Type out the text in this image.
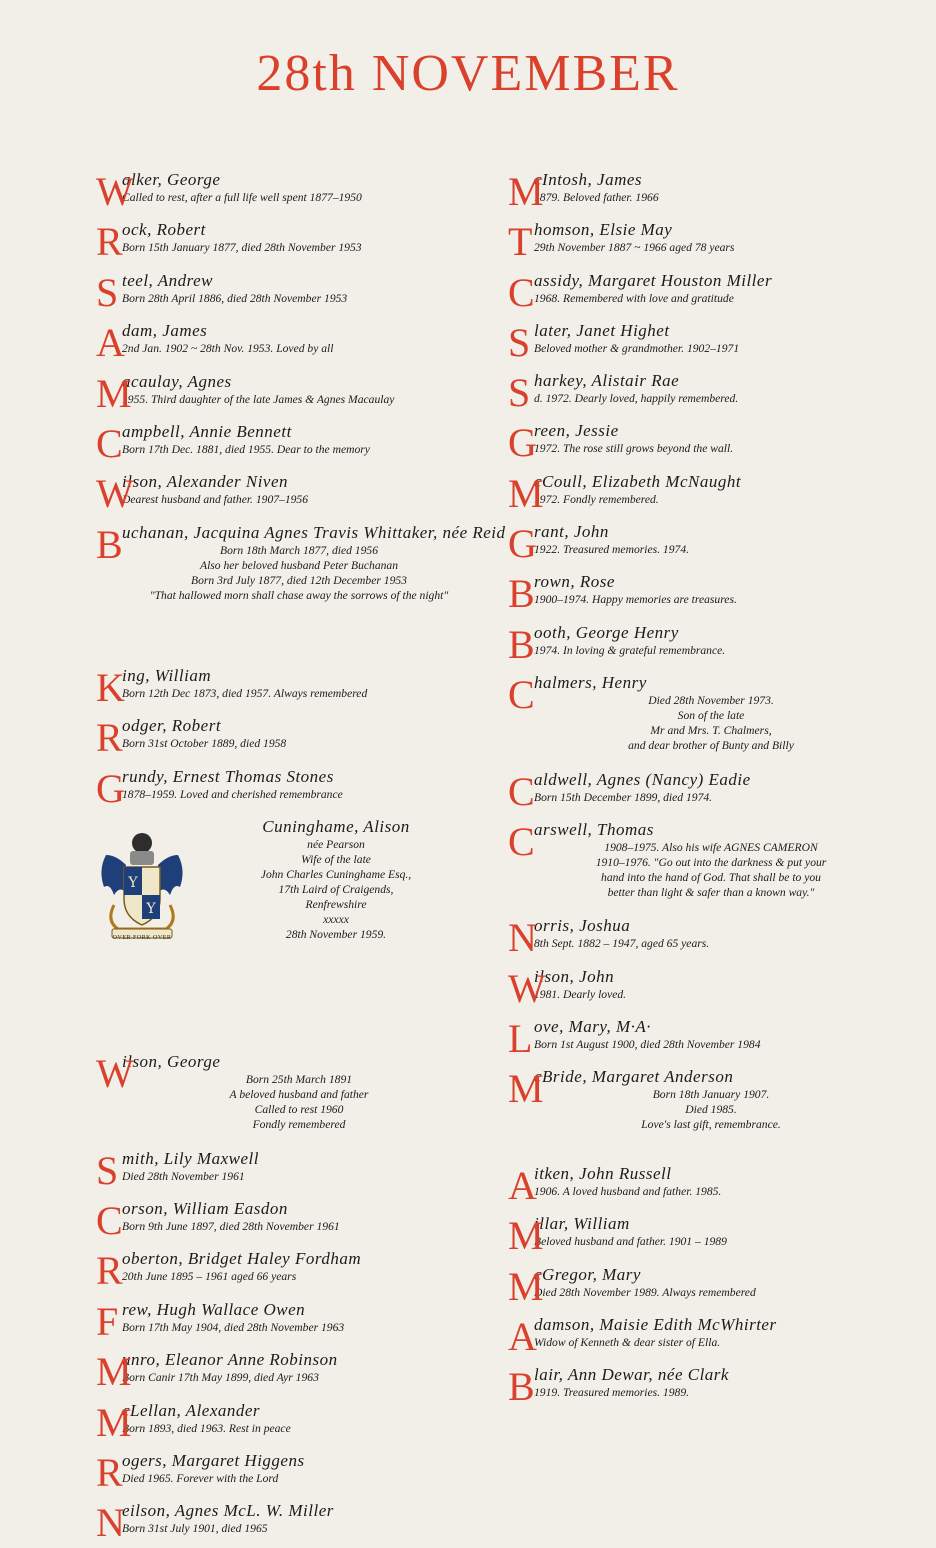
28th NOVEMBER
W
alker, George
Called to rest, after a full life well spent 1877–1950
R ock, Robert
Born 15th January 1877, died 28th November 1953
S teel, Andrew
Born 28th April 1886, died 28th November 1953
A
dam, James
2nd Jan. 1902 ~ 28th Nov. 1953. Loved by all
M
acaulay, Agnes
1955. Third daughter of the late James & Agnes Macaulay
C ampbell, Annie Bennett
Born 17th Dec. 1881, died 1955. Dear to the memory
W
ilson, Alexander Niven
Dearest husband and father. 1907–1956
B uchanan, Jacquina Agnes Travis Whittaker, née Reid
Born 18th March 1877, died 1956
Also her beloved husband Peter Buchanan
Born 3rd July 1877, died 12th December 1953
"That hallowed morn shall chase away the sorrows of the night"
K
ing, William
Born 12th Dec 1873, died 1957. Always remembered
R odger, Robert
Born 31st October 1889, died 1958
G
rundy, Ernest Thomas Stones
1878–1959. Loved and cherished remembrance
Y
Y
OVER FORK OVER
Cuninghame, Alison
née Pearson
Wife of the late
John Charles Cuninghame Esq.,
17th Laird of Craigends,
Renfrewshire
xxxxx
28th November 1959.
W
ilson, George
Born 25th March 1891
A beloved husband and father
Called to rest 1960
Fondly remembered
S mith, Lily Maxwell
Died 28th November 1961
C orson, William Easdon
Born 9th June 1897, died 28th November 1961
R oberton, Bridget Haley Fordham
20th June 1895 – 1961 aged 66 years
F rew, Hugh Wallace Owen
Born 17th May 1904, died 28th November 1963
M
unro, Eleanor Anne Robinson
Born Canir 17th May 1899, died Ayr 1963
M
cLellan, Alexander
Born 1893, died 1963. Rest in peace
R ogers, Margaret Higgens
Died 1965. Forever with the Lord
N
eilson, Agnes McL. W. Miller
Born 31st July 1901, died 1965
M
cIntosh, James
1879. Beloved father. 1966
T homson, Elsie May
29th November 1887 ~ 1966 aged 78 years
C assidy, Margaret Houston Miller
1968. Remembered with love and gratitude
S later, Janet Highet
Beloved mother & grandmother. 1902–1971
S harkey, Alistair Rae
d. 1972. Dearly loved, happily remembered.
G
reen, Jessie
1972. The rose still grows beyond the wall.
M
cCoull, Elizabeth McNaught
1972. Fondly remembered.
G
rant, John
1922. Treasured memories. 1974.
B rown, Rose
1900–1974. Happy memories are treasures.
B ooth, George Henry
1974. In loving & grateful remembrance.
C halmers, Henry
Died 28th November 1973.
Son of the late
Mr and Mrs. T. Chalmers,
and dear brother of Bunty and Billy
C aldwell, Agnes (Nancy) Eadie
Born 15th December 1899, died 1974.
C arswell, Thomas
1908–1975. Also his wife AGNES CAMERON
1910–1976. "Go out into the darkness & put your
hand into the hand of God. That shall be to you
better than light & safer than a known way."
N
orris, Joshua
8th Sept. 1882 – 1947, aged 65 years.
W
ilson, John
1981. Dearly loved.
L ove, Mary, M·A·
Born 1st August 1900, died 28th November 1984
M
cBride, Margaret Anderson
Born 18th January 1907.
Died 1985.
Love's last gift, remembrance.
A
itken, John Russell
1906. A loved husband and father. 1985.
M
illar, William
Beloved husband and father. 1901 – 1989
M
cGregor, Mary
Died 28th November 1989. Always remembered
A
damson, Maisie Edith McWhirter
Widow of Kenneth & dear sister of Ella.
B lair, Ann Dewar, née Clark
1919. Treasured memories. 1989.
